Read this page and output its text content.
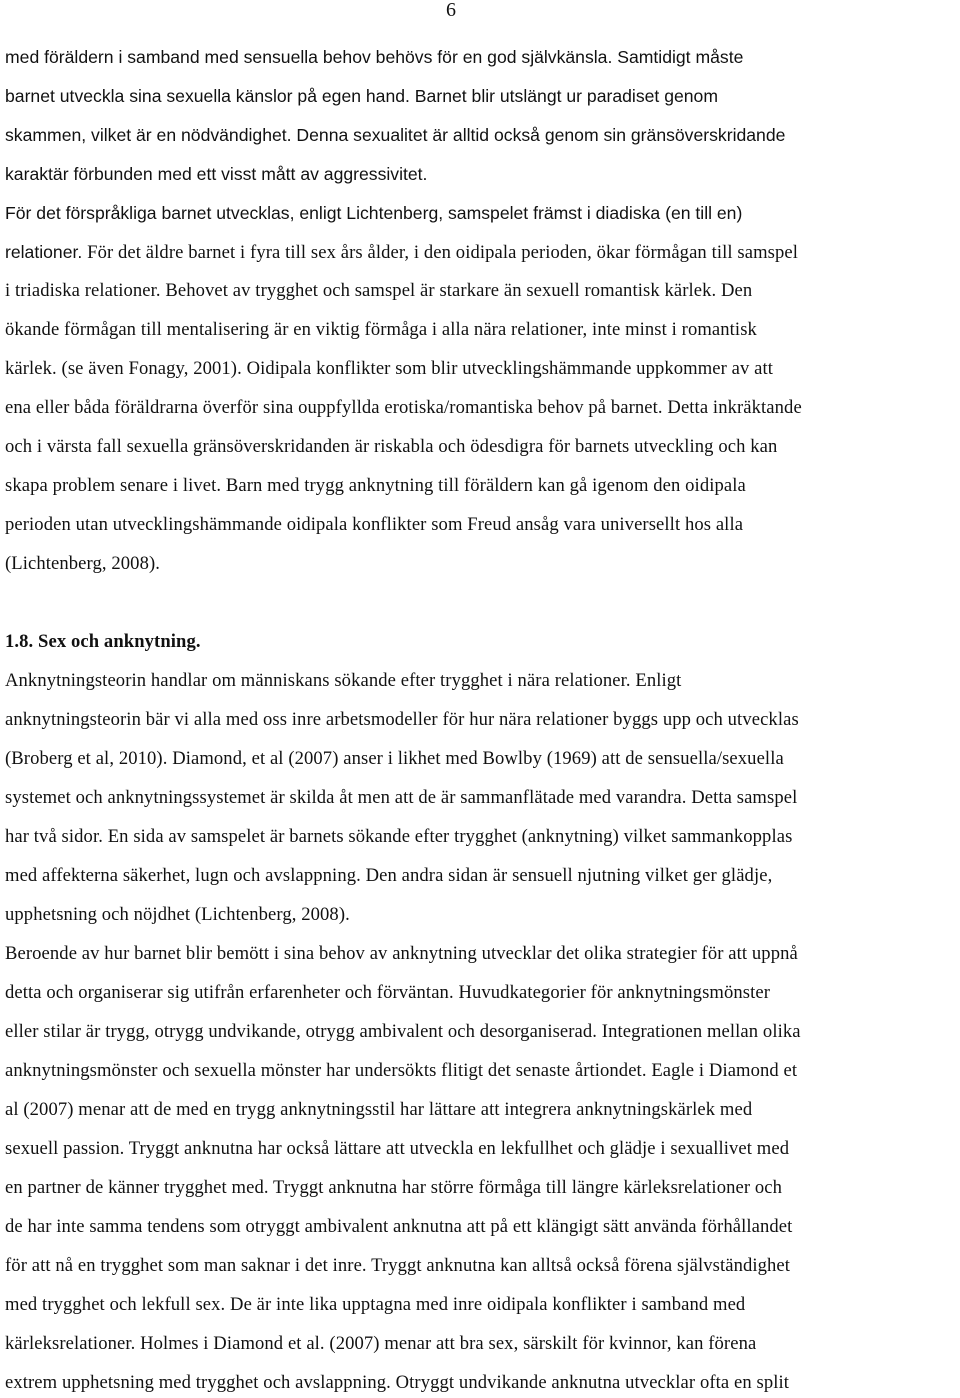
6
med föräldern i samband med sensuella behov behövs för en god självkänsla. Samtidigt måste
barnet utveckla sina sexuella känslor på egen hand. Barnet blir utslängt ur paradiset genom
skammen, vilket är en nödvändighet. Denna sexualitet är alltid också genom sin gränsöverskridande
karaktär förbunden med ett visst mått av aggressivitet.
För det förspråkliga barnet utvecklas, enligt Lichtenberg, samspelet främst i diadiska (en till en)
relationer. För det äldre barnet i fyra till sex års ålder, i den oidipala perioden, ökar förmågan till samspel
i triadiska relationer. Behovet av trygghet och samspel är starkare än sexuell romantisk kärlek. Den
ökande förmågan till mentalisering är en viktig förmåga i alla nära relationer, inte minst i romantisk
kärlek. (se även Fonagy, 2001). Oidipala konflikter som blir utvecklingshämmande uppkommer av att
ena eller båda föräldrarna överför sina ouppfyllda erotiska/romantiska behov på barnet. Detta inkräktande
och i värsta fall sexuella gränsöverskridanden är riskabla och ödesdigra för barnets utveckling och kan
skapa problem senare i livet. Barn med trygg anknytning till föräldern kan gå igenom den oidipala
perioden utan utvecklingshämmande oidipala konflikter som Freud ansåg vara universellt hos alla
(Lichtenberg, 2008).
1.8. Sex och anknytning.
Anknytningsteorin handlar om människans sökande efter trygghet i nära relationer. Enligt
anknytningsteorin bär vi alla med oss inre arbetsmodeller för hur nära relationer byggs upp och utvecklas
(Broberg et al, 2010). Diamond, et al (2007) anser i likhet med Bowlby (1969) att de sensuella/sexuella
systemet och anknytningssystemet är skilda åt men att de är sammanflätade med varandra. Detta samspel
har två sidor. En sida av samspelet är barnets sökande efter trygghet (anknytning) vilket sammankopplas
med affekterna säkerhet, lugn och avslappning. Den andra sidan är sensuell njutning vilket ger glädje,
upphetsning och nöjdhet (Lichtenberg, 2008).
Beroende av hur barnet blir bemött i sina behov av anknytning utvecklar det olika strategier för att uppnå
detta och organiserar sig utifrån erfarenheter och förväntan. Huvudkategorier för anknytningsmönster
eller stilar är trygg, otrygg undvikande, otrygg ambivalent och desorganiserad. Integrationen mellan olika
anknytningsmönster och sexuella mönster har undersökts flitigt det senaste årtiondet. Eagle i Diamond et
al (2007) menar att de med en trygg anknytningsstil har lättare att integrera anknytningskärlek med
sexuell passion. Tryggt anknutna har också lättare att utveckla en lekfullhet och glädje i sexuallivet med
en partner de känner trygghet med. Tryggt anknutna har större förmåga till längre kärleksrelationer och
de har inte samma tendens som otryggt ambivalent anknutna att på ett klängigt sätt använda förhållandet
för att nå en trygghet som man saknar i det inre. Tryggt anknutna kan alltså också förena självständighet
med trygghet och lekfull sex. De är inte lika upptagna med inre oidipala konflikter i samband med
kärleksrelationer. Holmes i Diamond et al. (2007) menar att bra sex, särskilt för kvinnor, kan förena
extrem upphetsning med trygghet och avslappning. Otryggt undvikande anknutna utvecklar ofta en split
